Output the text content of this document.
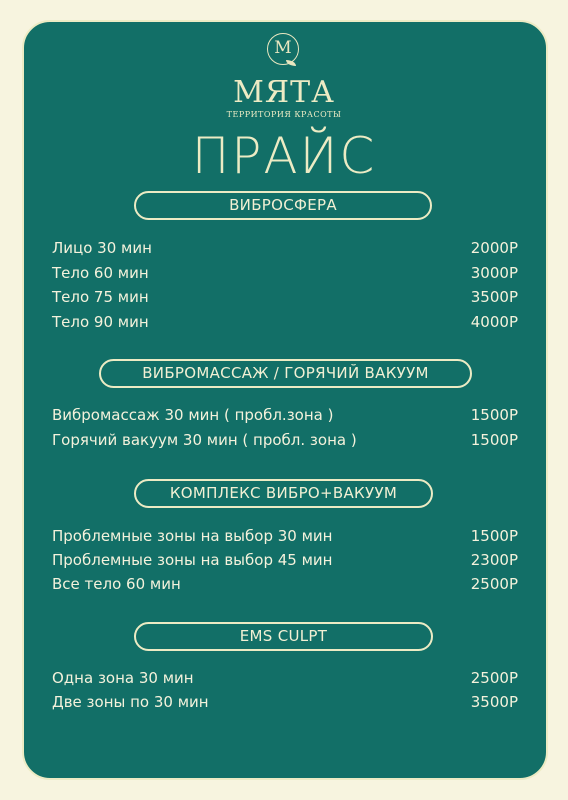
M
МЯТА
ТЕРРИТОРИЯ КРАСОТЫ
ПРАЙС
ВИБРОСФЕРА
Лицо 30 мин	2000Р
Тело 60 мин	3000Р
Тело 75 мин	3500Р
Тело 90 мин	4000Р
ВИБРОМАССАЖ / ГОРЯЧИЙ ВАКУУМ
Вибромассаж 30 мин ( пробл.зона )	1500Р
Горячий вакуум 30 мин ( пробл. зона )	1500Р
КОМПЛЕКС ВИБРО+ВАКУУМ
Проблемные зоны на выбор 30 мин	1500Р
Проблемные зоны на выбор 45 мин	2300Р
Все тело 60 мин	2500Р
EMS CULPT
Одна зона 30 мин	2500Р
Две зоны по 30 мин	3500Р
